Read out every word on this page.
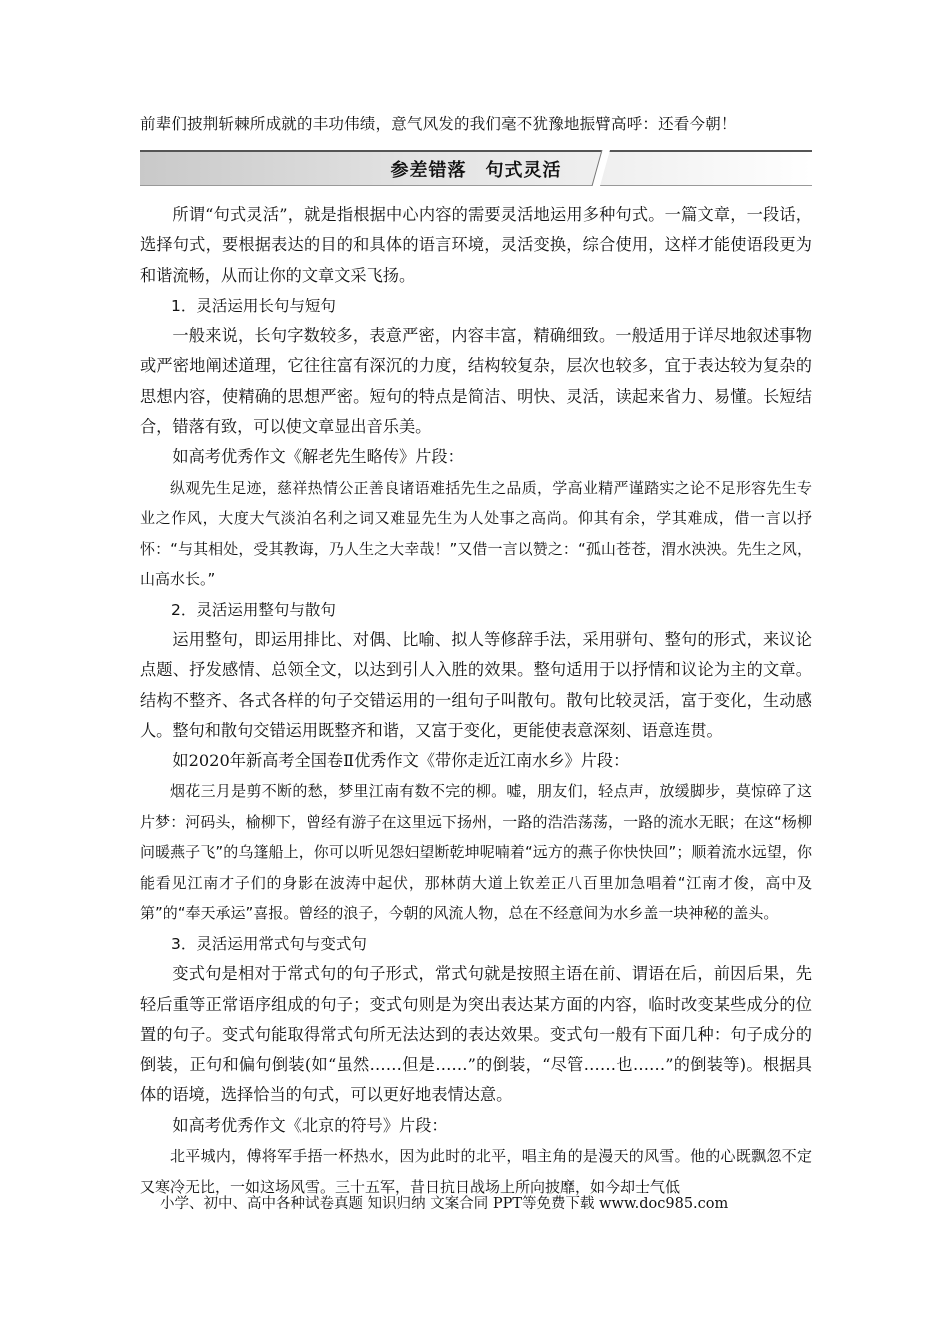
前辈们披荆斩棘所成就的丰功伟绩，意气风发的我们毫不犹豫地振臂高呼：还看今朝！
参差错落　句式灵活

所谓“句式灵活”，就是指根据中心内容的需要灵活地运用多种句式。一篇文章，一段话，选择句式，要根据表达的目的和具体的语言环境，灵活变换，综合使用，这样才能使语段更为和谐流畅，从而让你的文章文采飞扬。

1．灵活运用长句与短句

一般来说，长句字数较多，表意严密，内容丰富，精确细致。一般适用于详尽地叙述事物或严密地阐述道理，它往往富有深沉的力度，结构较复杂，层次也较多，宜于表达较为复杂的思想内容，使精确的思想严密。短句的特点是简洁、明快、灵活，读起来省力、易懂。长短结合，错落有致，可以使文章显出音乐美。

如高考优秀作文《解老先生略传》片段：

纵观先生足迹，慈祥热情公正善良诸语难括先生之品质，学高业精严谨踏实之论不足形容先生专业之作风，大度大气淡泊名利之词又难显先生为人处事之高尚。仰其有余，学其难成，借一言以抒怀：“与其相处，受其教诲，乃人生之大幸哉！”又借一言以赞之：“孤山苍苍，渭水泱泱。先生之风，山高水长。”

2．灵活运用整句与散句

运用整句，即运用排比、对偶、比喻、拟人等修辞手法，采用骈句、整句的形式，来议论点题、抒发感情、总领全文，以达到引人入胜的效果。整句适用于以抒情和议论为主的文章。结构不整齐、各式各样的句子交错运用的一组句子叫散句。散句比较灵活，富于变化，生动感人。整句和散句交错运用既整齐和谐，又富于变化，更能使表意深刻、语意连贯。

如2020年新高考全国卷Ⅱ优秀作文《带你走近江南水乡》片段：

烟花三月是剪不断的愁，梦里江南有数不完的柳。嘘，朋友们，轻点声，放缓脚步，莫惊碎了这片梦：河码头，榆柳下，曾经有游子在这里远下扬州，一路的浩浩荡荡，一路的流水无眠；在这“杨柳问暖燕子飞”的乌篷船上，你可以听见怨妇望断乾坤呢喃着“远方的燕子你快快回”；顺着流水远望，你能看见江南才子们的身影在波涛中起伏，那林荫大道上钦差正八百里加急唱着“江南才俊，高中及第”的“奉天承运”喜报。曾经的浪子，今朝的风流人物，总在不经意间为水乡盖一块神秘的盖头。

3．灵活运用常式句与变式句

变式句是相对于常式句的句子形式，常式句就是按照主语在前、谓语在后，前因后果，先轻后重等正常语序组成的句子；变式句则是为突出表达某方面的内容，临时改变某些成分的位置的句子。变式句能取得常式句所无法达到的表达效果。变式句一般有下面几种：句子成分的倒装，正句和偏句倒装(如“虽然……但是……”的倒装，“尽管……也……”的倒装等)。根据具体的语境，选择恰当的句式，可以更好地表情达意。

如高考优秀作文《北京的符号》片段：

北平城内，傅将军手捂一杯热水，因为此时的北平，唱主角的是漫天的风雪。他的心既飘忽不定又寒冷无比，一如这场风雪。三十五军，昔日抗日战场上所向披靡，如今却士气低

小学、初中、高中各种试卷真题 知识归纳 文案合同 PPT等免费下载 www.doc985.com
